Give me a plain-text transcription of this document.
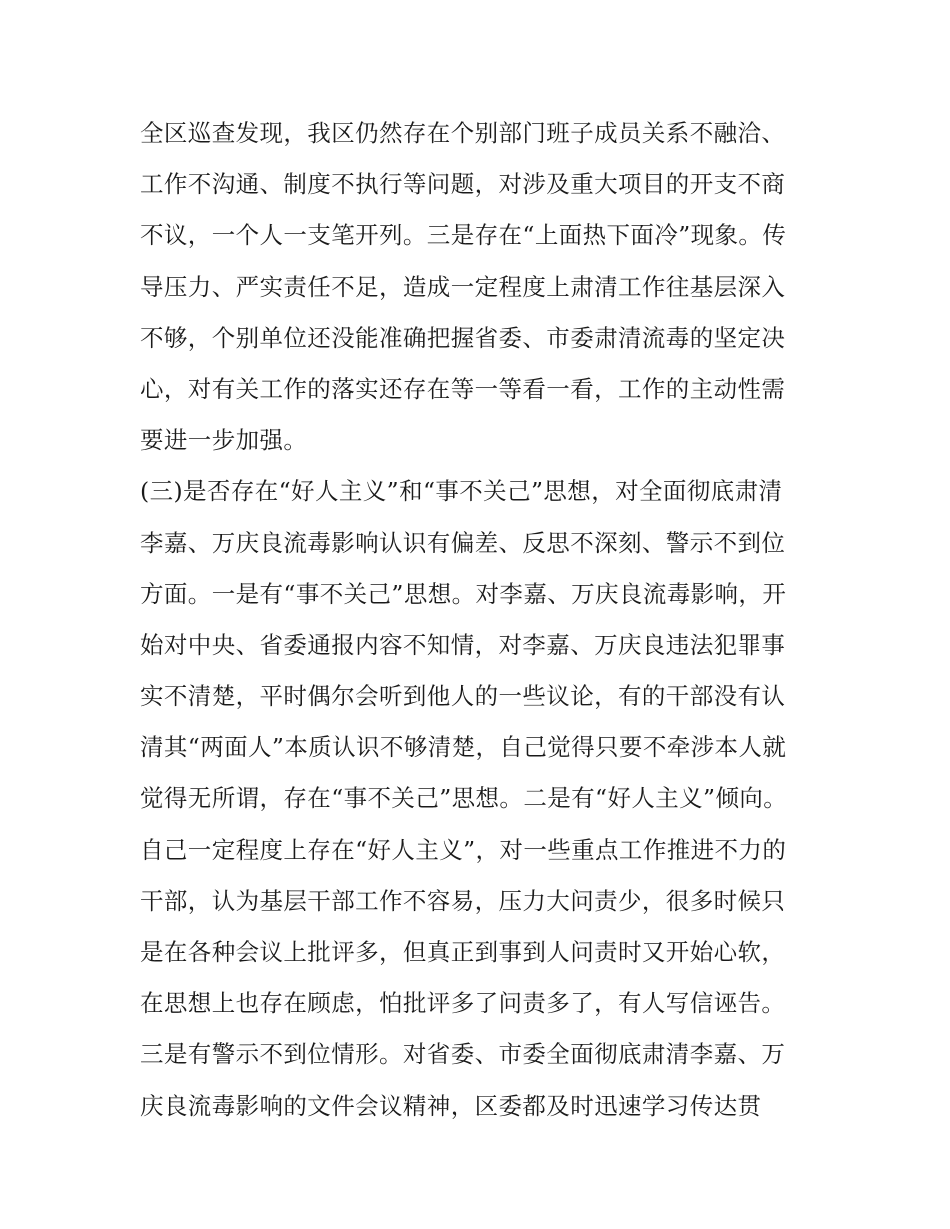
全区巡查发现，我区仍然存在个别部门班子成员关系不融洽、
工作不沟通、制度不执行等问题，对涉及重大项目的开支不商
不议，一个人一支笔开列。三是存在“上面热下面冷”现象。传
导压力、严实责任不足，造成一定程度上肃清工作往基层深入
不够，个别单位还没能准确把握省委、市委肃清流毒的坚定决
心，对有关工作的落实还存在等一等看一看，工作的主动性需
要进一步加强。
(三)是否存在“好人主义”和“事不关己”思想，对全面彻底肃清
李嘉、万庆良流毒影响认识有偏差、反思不深刻、警示不到位
方面。一是有“事不关己”思想。对李嘉、万庆良流毒影响，开
始对中央、省委通报内容不知情，对李嘉、万庆良违法犯罪事
实不清楚，平时偶尔会听到他人的一些议论，有的干部没有认
清其“两面人”本质认识不够清楚，自己觉得只要不牵涉本人就
觉得无所谓，存在“事不关己”思想。二是有“好人主义”倾向。
自己一定程度上存在“好人主义”，对一些重点工作推进不力的
干部，认为基层干部工作不容易，压力大问责少，很多时候只
是在各种会议上批评多，但真正到事到人问责时又开始心软，
在思想上也存在顾虑，怕批评多了问责多了，有人写信诬告。
三是有警示不到位情形。对省委、市委全面彻底肃清李嘉、万
庆良流毒影响的文件会议精神，区委都及时迅速学习传达贯
